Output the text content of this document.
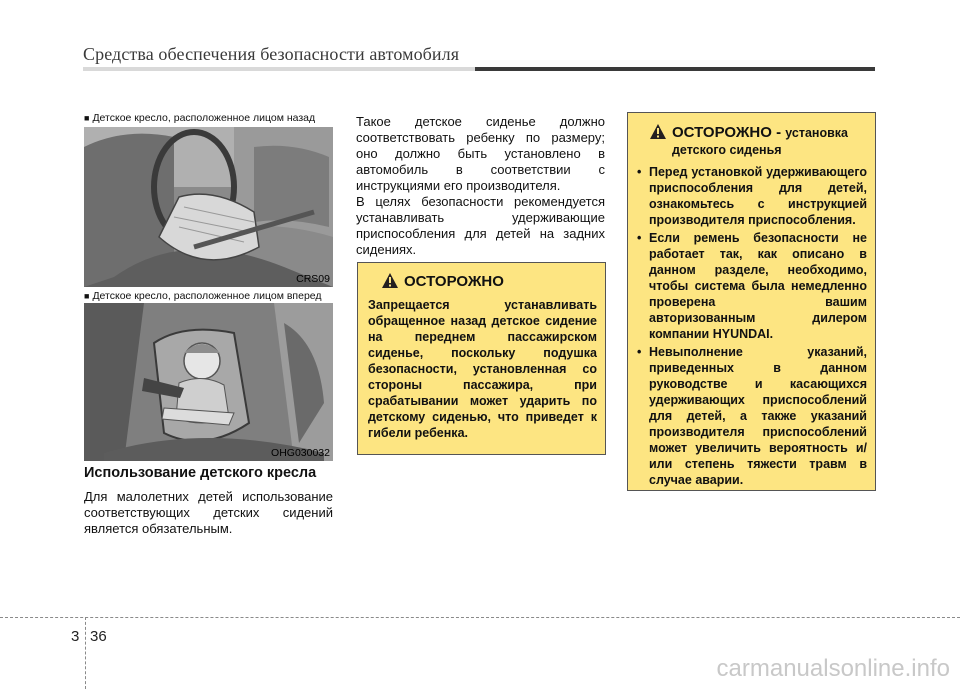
Средства обеспечения безопасности автомобиля
■ Детское кресло, расположенное лицом назад
CRS09
■ Детское кресло, расположенное лицом вперед
OHG030032
Использование детского кресла
Для малолетних детей использование соответствующих детских сидений является обязательным.
Такое детское сиденье должно соответствовать ребенку по размеру; оно должно быть установлено в автомобиль в соответствии с инструкциями его производителя.
В целях безопасности рекомендуется устанавливать удерживающие приспособления для детей на задних сидениях.
ОСТОРОЖНО
Запрещается устанавливать обращенное назад детское сидение на переднем пассажирском сиденье, поскольку подушка безопасности, установленная со стороны пассажира, при срабатывании может ударить по детскому сиденью, что приведет к гибели ребенка.
ОСТОРОЖНО - установка
детского сиденья
• Перед установкой удерживающего приспособления для детей, ознакомьтесь с инструкцией производителя приспособления.
• Если ремень безопасности не работает так, как описано в данном разделе, необходимо, чтобы система была немедленно проверена вашим авторизованным дилером компании HYUNDAI.
• Невыполнение указаний, приведенных в данном руководстве и касающихся удерживающих приспособлений для детей, а также указаний производителя приспособлений может увеличить вероятность и/или степень тяжести травм в случае аварии.
3 36
carmanualsonline.info
